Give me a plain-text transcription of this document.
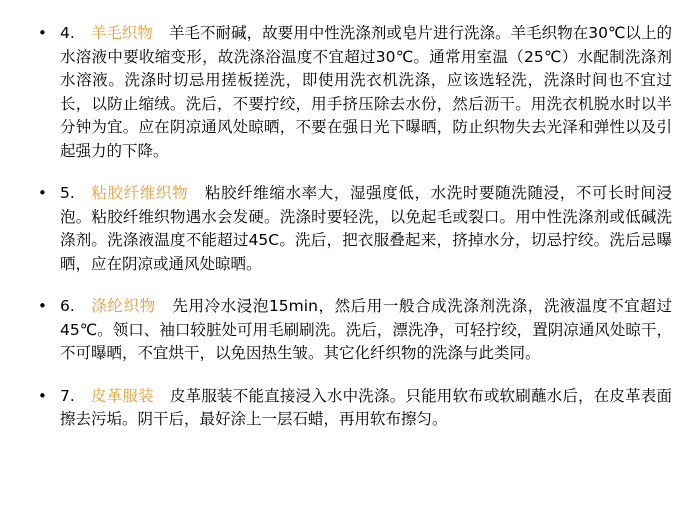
• 4. 羊毛织物 羊毛不耐碱，故要用中性洗涤剂或皂片进行洗涤。羊毛织物在30℃以上的水溶液中要收缩变形，故洗涤浴温度不宜超过30℃。通常用室温（25℃）水配制洗涤剂水溶液。洗涤时切忌用搓板搓洗，即使用洗衣机洗涤，应该选轻洗，洗涤时间也不宜过长，以防止缩绒。洗后，不要拧绞，用手挤压除去水份，然后沥干。用洗衣机脱水时以半分钟为宜。应在阴凉通风处晾晒，不要在强日光下曝晒，防止织物失去光泽和弹性以及引起强力的下降。
• 5. 粘胶纤维织物 粘胶纤维缩水率大，湿强度低，水洗时要随洗随浸，不可长时间浸泡。粘胶纤维织物遇水会发硬。洗涤时要轻洗，以免起毛或裂口。用中性洗涤剂或低碱洗涤剂。洗涤液温度不能超过45C。洗后，把衣服叠起来，挤掉水分，切忌拧绞。洗后忌曝晒，应在阴凉或通风处晾晒。
• 6. 涤纶织物 先用冷水浸泡15min，然后用一般合成洗涤剂洗涤，洗液温度不宜超过45℃。领口、袖口较脏处可用毛刷刷洗。洗后，漂洗净，可轻拧绞，置阴凉通风处晾干，不可曝晒，不宜烘干，以免因热生皱。其它化纤织物的洗涤与此类同。
• 7. 皮革服装 皮革服装不能直接浸入水中洗涤。只能用软布或软刷蘸水后，在皮革表面擦去污垢。阴干后，最好涂上一层石蜡，再用软布擦匀。
